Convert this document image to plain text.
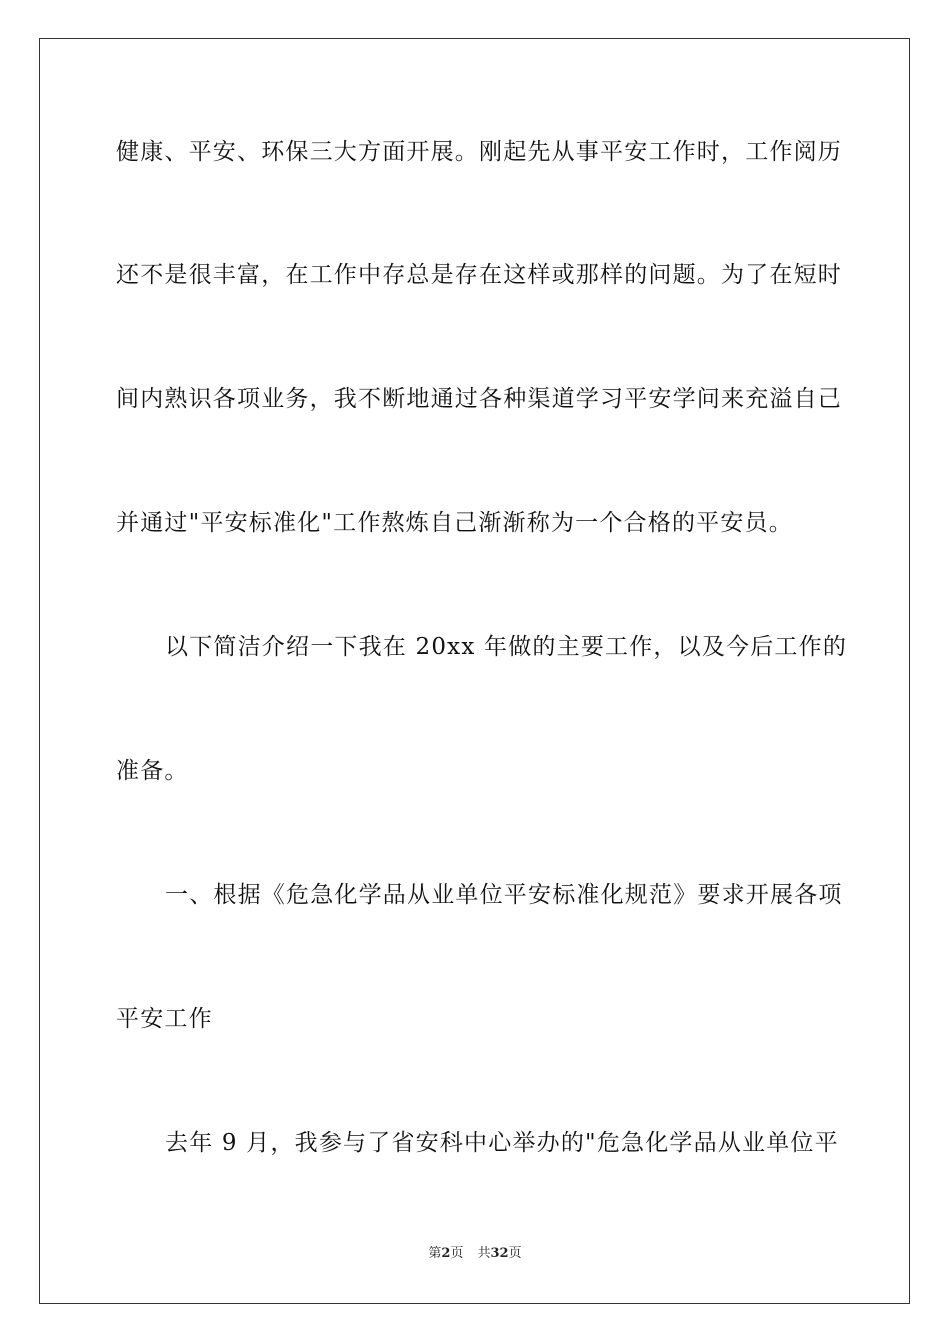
健康、平安、环保三大方面开展。刚起先从事平安工作时，工作阅历
还不是很丰富，在工作中存总是存在这样或那样的问题。为了在短时
间内熟识各项业务，我不断地通过各种渠道学习平安学问来充溢自己
并通过"平安标准化"工作熬炼自己渐渐称为一个合格的平安员。
以下简洁介绍一下我在 20xx 年做的主要工作，以及今后工作的
准备。
一、根据《危急化学品从业单位平安标准化规范》要求开展各项
平安工作
去年 9 月，我参与了省安科中心举办的"危急化学品从业单位平
第2页 共32页
